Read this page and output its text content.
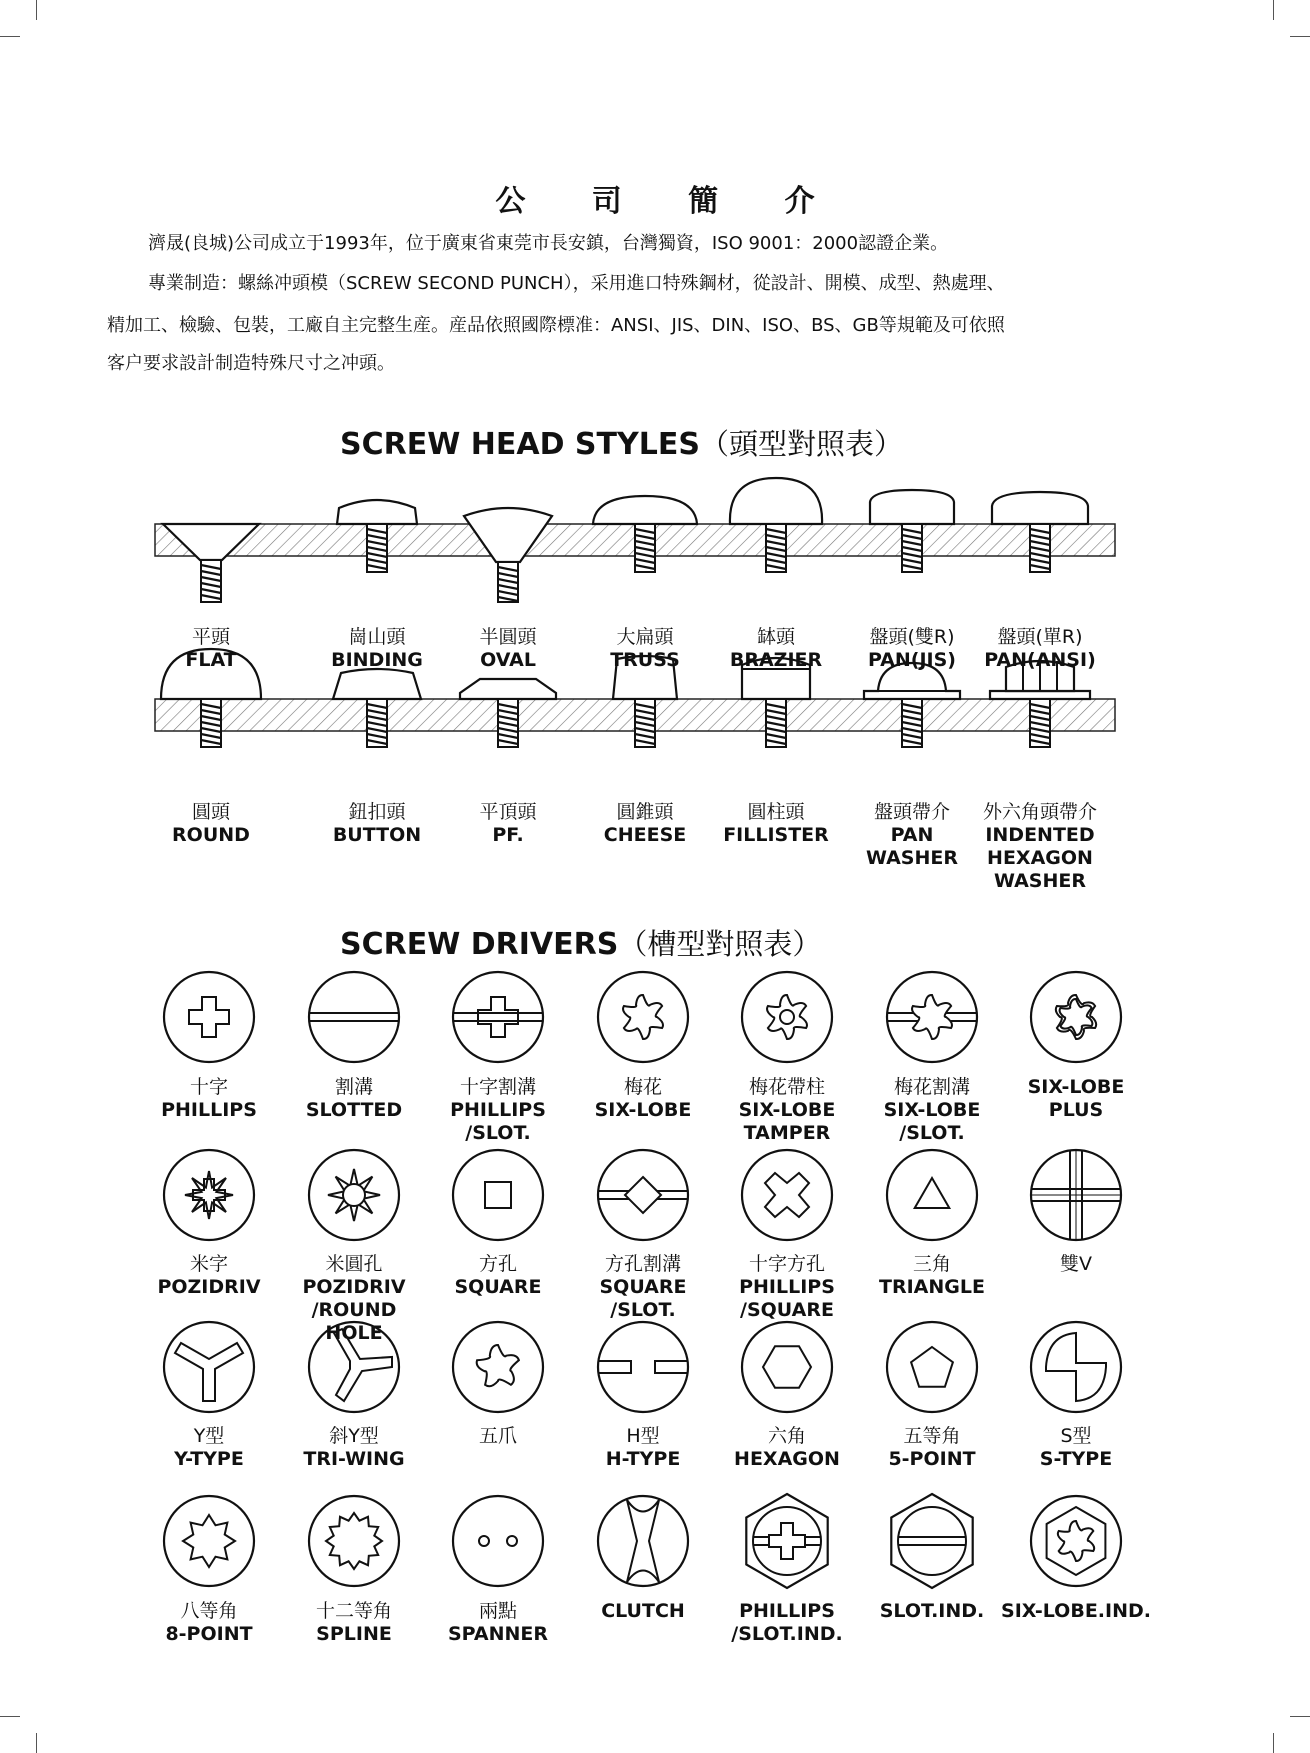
公 司 簡 介
濟晟(良城)公司成立于1993年，位于廣東省東莞市長安鎮，台灣獨資，ISO 9001：2000認證企業。
專業制造：螺絲冲頭模（SCREW SECOND PUNCH），采用進口特殊鋼材，從設計、開模、成型、熱處理、
精加工、檢驗、包裝，工廠自主完整生産。産品依照國際標准：ANSI、JIS、DIN、ISO、BS、GB等規範及可依照
客户要求設計制造特殊尺寸之冲頭。
SCREW HEAD STYLES（頭型對照表）
平頭
FLAT
崗山頭
BINDING
半圓頭
OVAL
大扁頭
TRUSS
缽頭
BRAZIER
盤頭(雙R)
PAN(JIS)
盤頭(單R)
PAN(ANSI)
圓頭
ROUND
鈕扣頭
BUTTON
平頂頭
PF.
圓錐頭
CHEESE
圓柱頭
FILLISTER
盤頭帶介
PAN WASHER
外六角頭帶介
INDENTED HEXAGON WASHER
SCREW DRIVERS（槽型對照表）
十字
PHILLIPS
割溝
SLOTTED
十字割溝
PHILLIPS /SLOT.
梅花
SIX-LOBE
梅花帶柱
SIX-LOBE TAMPER
梅花割溝
SIX-LOBE /SLOT.
SIX-LOBE PLUS
米字
POZIDRIV
米圓孔
POZIDRIV /ROUND HOLE
方孔
SQUARE
方孔割溝
SQUARE /SLOT.
十字方孔
PHILLIPS /SQUARE
三角
TRIANGLE
雙V
Y型
Y-TYPE
斜Y型
TRI-WING
五爪	H型
H-TYPE
六角
HEXAGON
五等角
5-POINT
S型
S-TYPE
八等角
8-POINT
十二等角
SPLINE
兩點
SPANNER
CLUTCH	PHILLIPS /SLOT.IND.
SLOT.IND. SIX-LOBE.IND.
